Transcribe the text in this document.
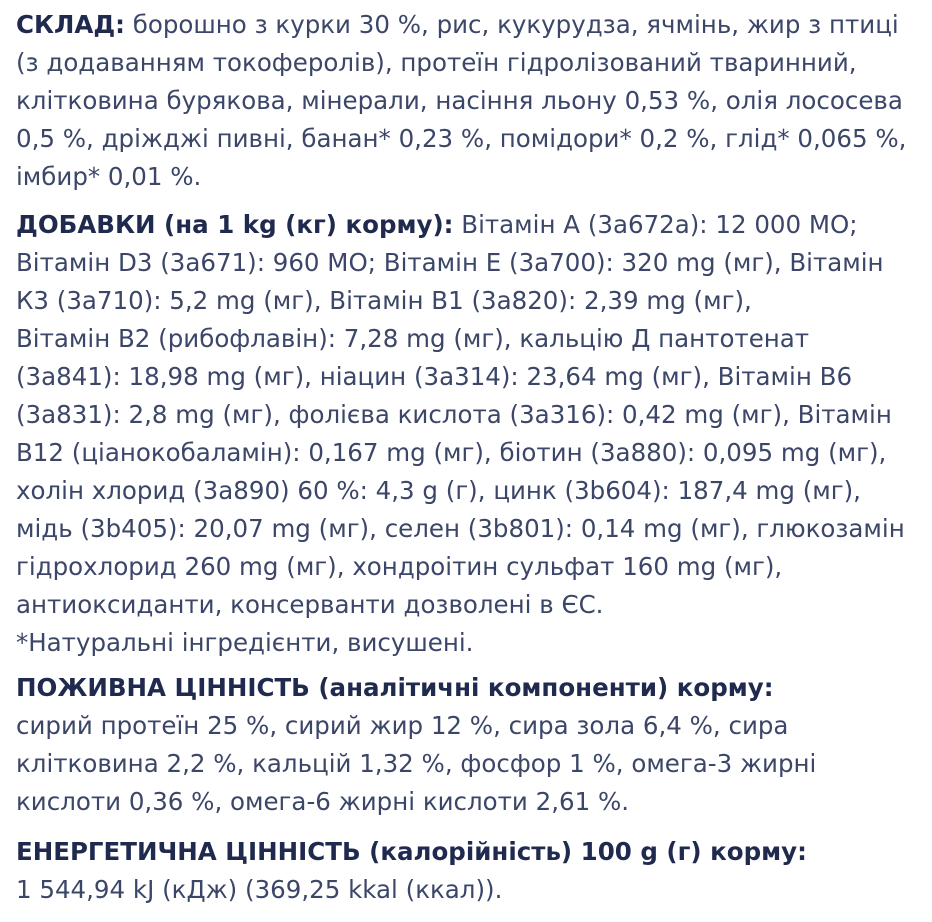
СКЛАД: борошно з курки 30 %, рис, кукурудза, ячмінь, жир з птиці
(з додаванням токоферолів), протеїн гідролізований тваринний,
клітковина бурякова, мінерали, насіння льону 0,53 %, олія лососева
0,5 %, дріжджі пивні, банан* 0,23 %, помідори* 0,2 %, глід* 0,065 %,
імбир* 0,01 %.
ДОБАВКИ (на 1 kg (кг) корму): Вітамін А (3а672а): 12 000 МО;
Вітамін D3 (3а671): 960 МО; Вітамін Е (3а700): 320 mg (мг), Вітамін
К3 (3а710): 5,2 mg (мг), Вітамін В1 (3а820): 2,39 mg (мг),
Вітамін В2 (рибофлавін): 7,28 mg (мг), кальцію Д пантотенат
(3а841): 18,98 mg (мг), ніацин (3а314): 23,64 mg (мг), Вітамін В6
(3а831): 2,8 mg (мг), фолієва кислота (3а316): 0,42 mg (мг), Вітамін
В12 (ціанокобаламін): 0,167 mg (мг), біотин (3а880): 0,095 mg (мг),
холін хлорид (3а890) 60 %: 4,3 g (г), цинк (3b604): 187,4 mg (мг),
мідь (3b405): 20,07 mg (мг), селен (3b801): 0,14 mg (мг), глюкозамін
гідрохлорид 260 mg (мг), хондроітин сульфат 160 mg (мг),
антиоксиданти, консерванти дозволені в ЄС.
*Натуральні інгредієнти, висушені.
ПОЖИВНА ЦІННІСТЬ (аналітичні компоненти) корму:
сирий протеїн 25 %, сирий жир 12 %, сира зола 6,4 %, сира
клітковина 2,2 %, кальцій 1,32 %, фосфор 1 %, омега-3 жирні
кислоти 0,36 %, омега-6 жирні кислоти 2,61 %.
ЕНЕРГЕТИЧНА ЦІННІСТЬ (калорійність) 100 g (г) корму:
1 544,94 kJ (кДж) (369,25 kkal (ккал)).
